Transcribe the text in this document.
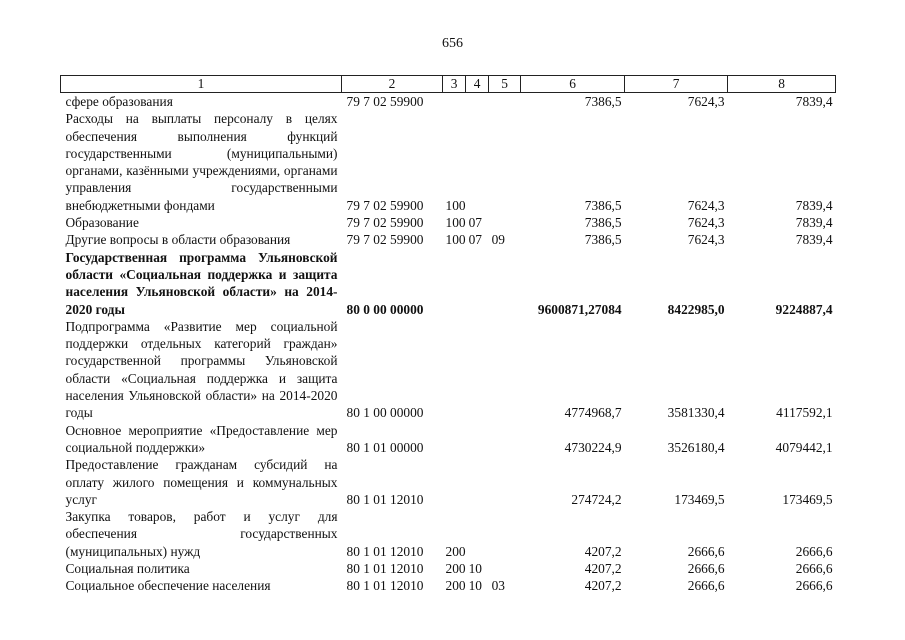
656
1	2	3	4	5	6	7	8
сфере образования	79 7 02 59900				7386,5	7624,3	7839,4
Расходы на выплаты персоналу в целях обеспечения выполнения функций государственными (муниципальными) органами, казёнными учреждениями, органами управления государственными внебюджетными фондами	79 7 02 59900	100			7386,5	7624,3	7839,4
Образование	79 7 02 59900	100	07		7386,5	7624,3	7839,4
Другие вопросы в области образования	79 7 02 59900	100	07	09	7386,5	7624,3	7839,4
Государственная программа Ульяновской области «Социальная поддержка и защита населения Ульяновской области» на 2014-2020 годы	80 0 00 00000				9600871,27084	8422985,0	9224887,4
Подпрограмма «Развитие мер социальной поддержки отдельных категорий граждан» государственной программы Ульяновской области «Социальная поддержка и защита населения Ульяновской области» на 2014-2020 годы	80 1 00 00000				4774968,7	3581330,4	4117592,1
Основное мероприятие «Предоставление мер социальной поддержки»	80 1 01 00000				4730224,9	3526180,4	4079442,1
Предоставление гражданам субсидий на оплату жилого помещения и коммунальных услуг	80 1 01 12010				274724,2	173469,5	173469,5
Закупка товаров, работ и услуг для обеспечения государственных (муниципальных) нужд	80 1 01 12010	200			4207,2	2666,6	2666,6
Социальная политика	80 1 01 12010	200	10		4207,2	2666,6	2666,6
Социальное обеспечение населения	80 1 01 12010	200	10	03	4207,2	2666,6	2666,6
